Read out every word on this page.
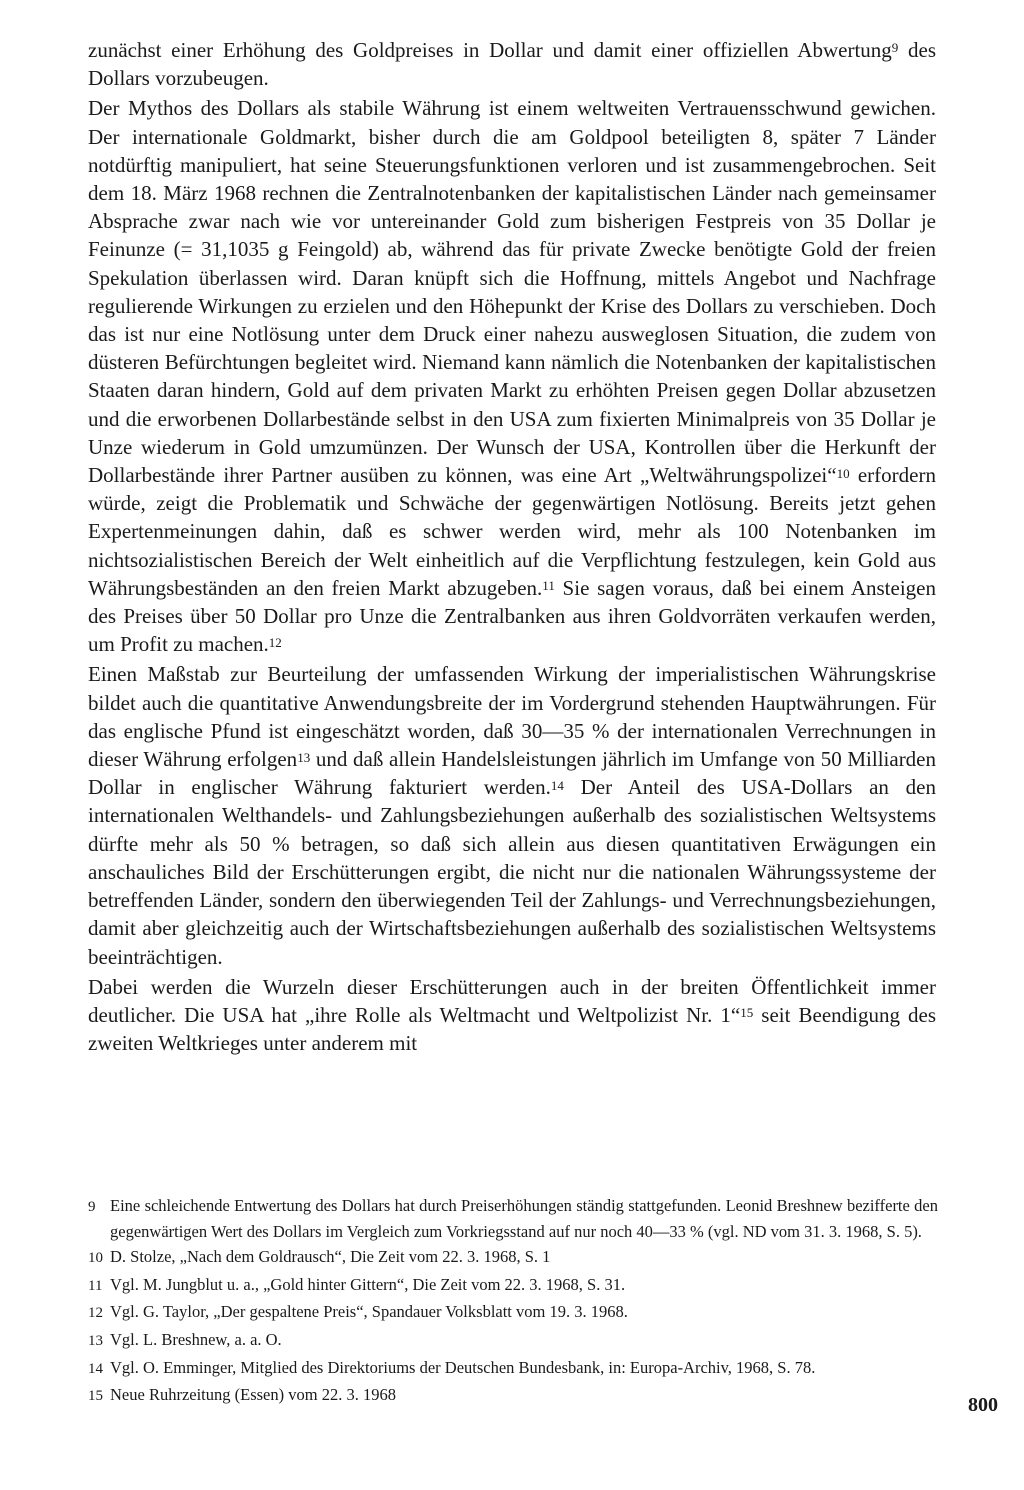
zunächst einer Erhöhung des Goldpreises in Dollar und damit einer offiziellen Abwertung$^9$ des Dollars vorzubeugen.

Der Mythos des Dollars als stabile Währung ist einem weltweiten Vertrauensschwund gewichen. Der internationale Goldmarkt, bisher durch die am Goldpool beteiligten 8, später 7 Länder notdürftig manipuliert, hat seine Steuerungsfunktionen verloren und ist zusammengebrochen. Seit dem 18. März 1968 rechnen die Zentralnotenbanken der kapitalistischen Länder nach gemeinsamer Absprache zwar nach wie vor untereinander Gold zum bisherigen Festpreis von 35 Dollar je Feinunze (= 31,1035 g Feingold) ab, während das für private Zwecke benötigte Gold der freien Spekulation überlassen wird. Daran knüpft sich die Hoffnung, mittels Angebot und Nachfrage regulierende Wirkungen zu erzielen und den Höhepunkt der Krise des Dollars zu verschieben. Doch das ist nur eine Notlösung unter dem Druck einer nahezu ausweglosen Situation, die zudem von düsteren Befürchtungen begleitet wird. Niemand kann nämlich die Notenbanken der kapitalistischen Staaten daran hindern, Gold auf dem privaten Markt zu erhöhten Preisen gegen Dollar abzusetzen und die erworbenen Dollarbestände selbst in den USA zum fixierten Minimalpreis von 35 Dollar je Unze wiederum in Gold umzumünzen. Der Wunsch der USA, Kontrollen über die Herkunft der Dollarbestände ihrer Partner ausüben zu können, was eine Art „Weltwährungspolizei“$^{10}$ erfordern würde, zeigt die Problematik und Schwäche der gegenwärtigen Notlösung. Bereits jetzt gehen Expertenmeinungen dahin, daß es schwer werden wird, mehr als 100 Notenbanken im nichtsozialistischen Bereich der Welt einheitlich auf die Verpflichtung festzulegen, kein Gold aus Währungsbeständen an den freien Markt abzugeben.$^{11}$ Sie sagen voraus, daß bei einem Ansteigen des Preises über 50 Dollar pro Unze die Zentralbanken aus ihren Goldvorräten verkaufen werden, um Profit zu machen.$^{12}$

Einen Maßstab zur Beurteilung der umfassenden Wirkung der imperialistischen Währungskrise bildet auch die quantitative Anwendungsbreite der im Vordergrund stehenden Hauptwährungen. Für das englische Pfund ist eingeschätzt worden, daß 30—35 % der internationalen Verrechnungen in dieser Währung erfolgen$^{13}$ und daß allein Handelsleistungen jährlich im Umfange von 50 Milliarden Dollar in englischer Währung fakturiert werden.$^{14}$ Der Anteil des USA-Dollars an den internationalen Welthandels- und Zahlungsbeziehungen außerhalb des sozialistischen Weltsystems dürfte mehr als 50 % betragen, so daß sich allein aus diesen quantitativen Erwägungen ein anschauliches Bild der Erschütterungen ergibt, die nicht nur die nationalen Währungssysteme der betreffenden Länder, sondern den überwiegenden Teil der Zahlungs- und Verrechnungsbeziehungen, damit aber gleichzeitig auch der Wirtschaftsbeziehungen außerhalb des sozialistischen Weltsystems beeinträchtigen.

Dabei werden die Wurzeln dieser Erschütterungen auch in der breiten Öffentlichkeit immer deutlicher. Die USA hat „ihre Rolle als Weltmacht und Weltpolizist Nr. 1“$^{15}$ seit Beendigung des zweiten Weltkrieges unter anderem mit

9 Eine schleichende Entwertung des Dollars hat durch Preiserhöhungen ständig stattgefunden. Leonid Breshnew bezifferte den gegenwärtigen Wert des Dollars im Vergleich zum Vorkriegsstand auf nur noch 40—33 % (vgl. ND vom 31. 3. 1968, S. 5).
10 D. Stolze, „Nach dem Goldrausch“, Die Zeit vom 22. 3. 1968, S. 1
11 Vgl. M. Jungblut u. a., „Gold hinter Gittern“, Die Zeit vom 22. 3. 1968, S. 31.
12 Vgl. G. Taylor, „Der gespaltene Preis“, Spandauer Volksblatt vom 19. 3. 1968.
13 Vgl. L. Breshnew, a. a. O.
14 Vgl. O. Emminger, Mitglied des Direktoriums der Deutschen Bundesbank, in: Europa-Archiv, 1968, S. 78.
15 Neue Ruhrzeitung (Essen) vom 22. 3. 1968	800
